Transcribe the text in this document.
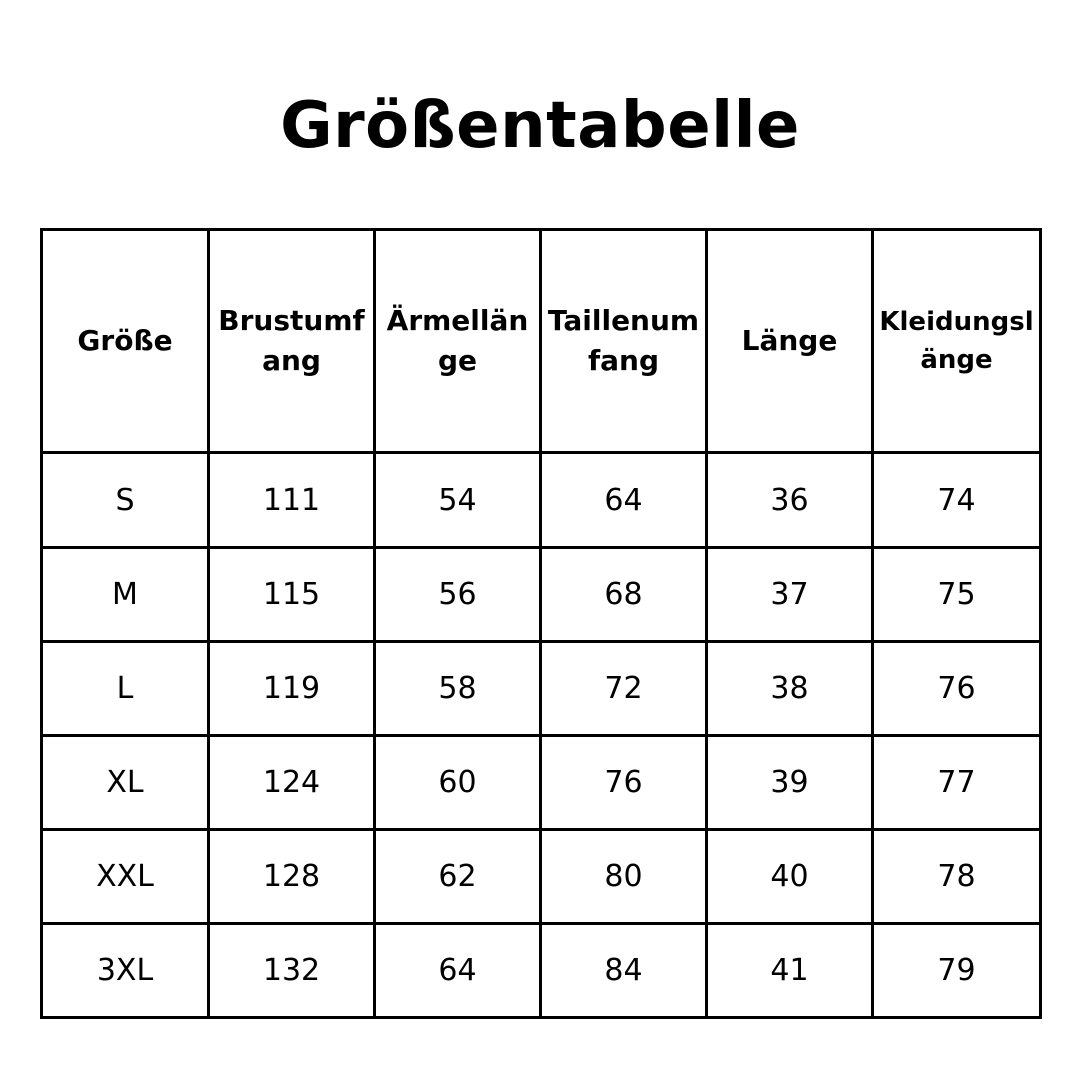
Größentabelle
Größe	Brustumfang	Ärmellänge	Taillenumfang	Länge	Kleidungslänge
S	111	54	64	36	74
M	115	56	68	37	75
L	119	58	72	38	76
XL	124	60	76	39	77
XXL	128	62	80	40	78
3XL	132	64	84	41	79
